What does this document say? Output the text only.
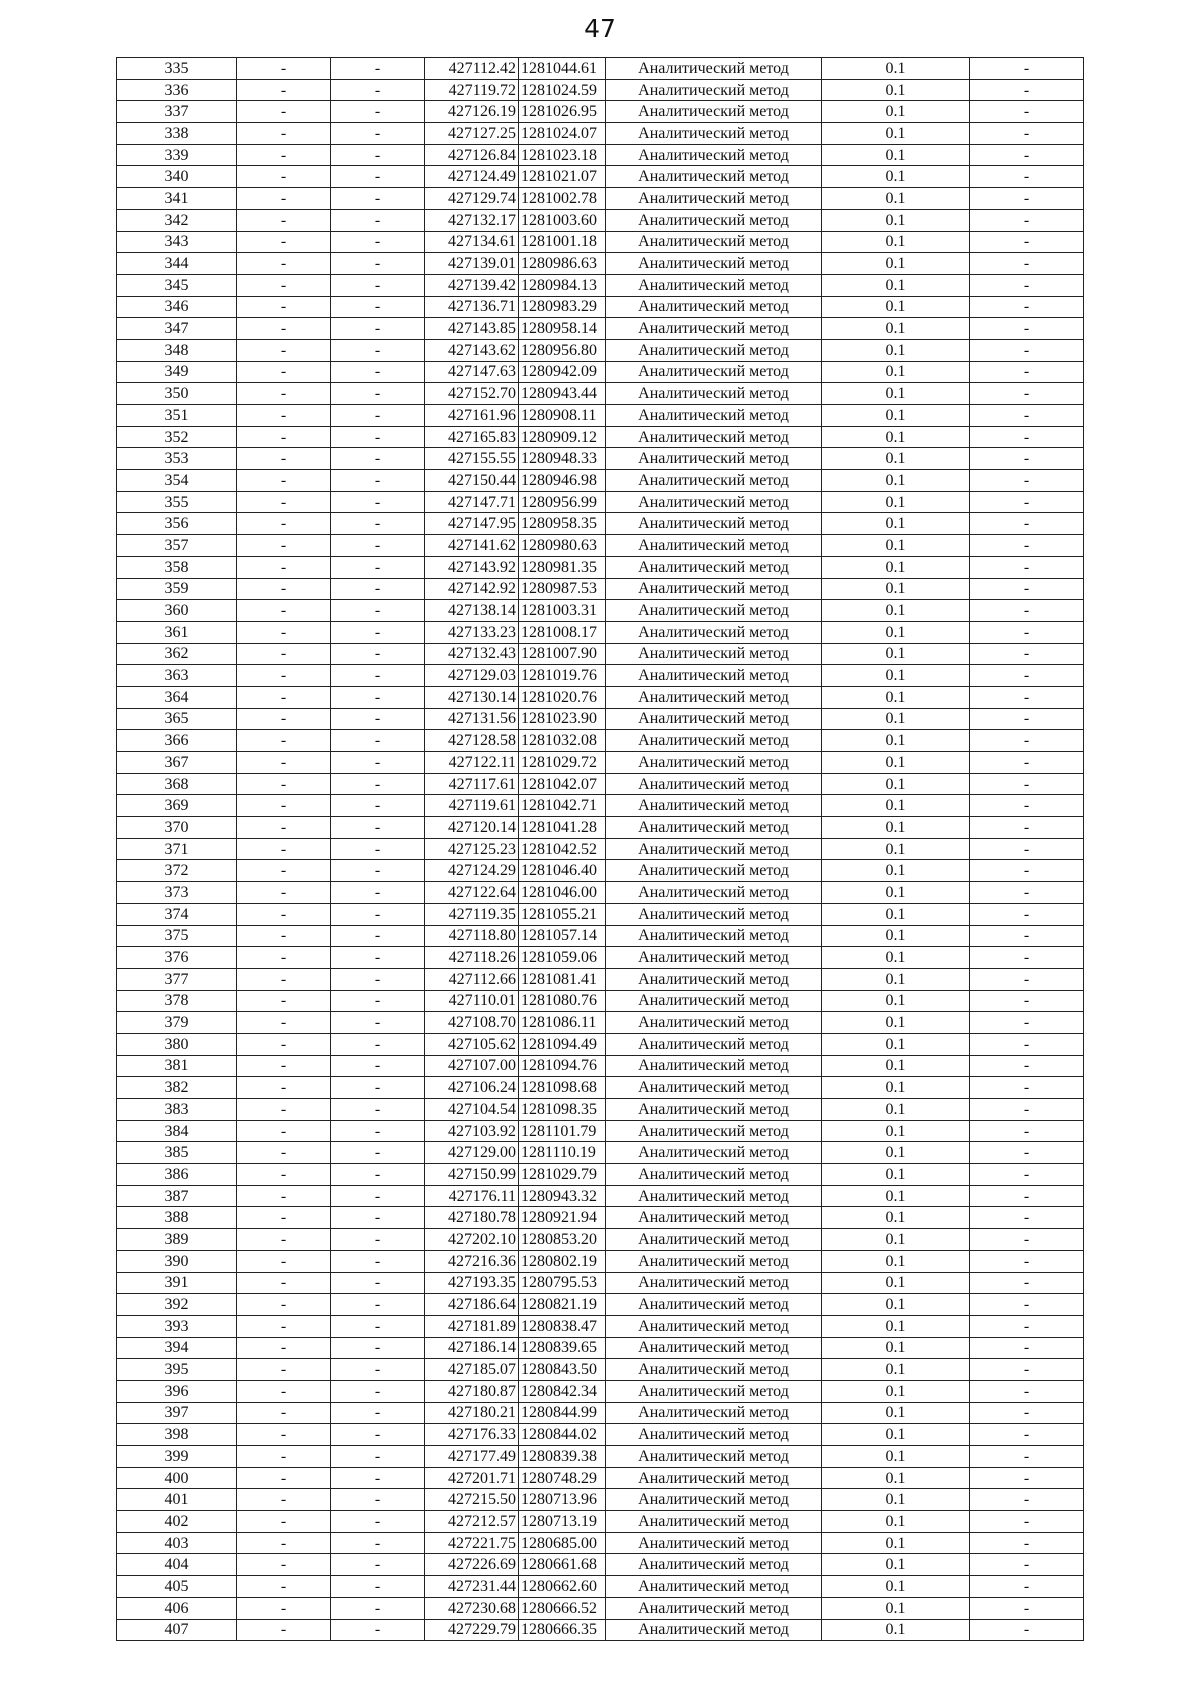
47
335	-	-	427112.42	1281044.61	Аналитический метод	0.1	-
336	-	-	427119.72	1281024.59	Аналитический метод	0.1	-
337	-	-	427126.19	1281026.95	Аналитический метод	0.1	-
338	-	-	427127.25	1281024.07	Аналитический метод	0.1	-
339	-	-	427126.84	1281023.18	Аналитический метод	0.1	-
340	-	-	427124.49	1281021.07	Аналитический метод	0.1	-
341	-	-	427129.74	1281002.78	Аналитический метод	0.1	-
342	-	-	427132.17	1281003.60	Аналитический метод	0.1	-
343	-	-	427134.61	1281001.18	Аналитический метод	0.1	-
344	-	-	427139.01	1280986.63	Аналитический метод	0.1	-
345	-	-	427139.42	1280984.13	Аналитический метод	0.1	-
346	-	-	427136.71	1280983.29	Аналитический метод	0.1	-
347	-	-	427143.85	1280958.14	Аналитический метод	0.1	-
348	-	-	427143.62	1280956.80	Аналитический метод	0.1	-
349	-	-	427147.63	1280942.09	Аналитический метод	0.1	-
350	-	-	427152.70	1280943.44	Аналитический метод	0.1	-
351	-	-	427161.96	1280908.11	Аналитический метод	0.1	-
352	-	-	427165.83	1280909.12	Аналитический метод	0.1	-
353	-	-	427155.55	1280948.33	Аналитический метод	0.1	-
354	-	-	427150.44	1280946.98	Аналитический метод	0.1	-
355	-	-	427147.71	1280956.99	Аналитический метод	0.1	-
356	-	-	427147.95	1280958.35	Аналитический метод	0.1	-
357	-	-	427141.62	1280980.63	Аналитический метод	0.1	-
358	-	-	427143.92	1280981.35	Аналитический метод	0.1	-
359	-	-	427142.92	1280987.53	Аналитический метод	0.1	-
360	-	-	427138.14	1281003.31	Аналитический метод	0.1	-
361	-	-	427133.23	1281008.17	Аналитический метод	0.1	-
362	-	-	427132.43	1281007.90	Аналитический метод	0.1	-
363	-	-	427129.03	1281019.76	Аналитический метод	0.1	-
364	-	-	427130.14	1281020.76	Аналитический метод	0.1	-
365	-	-	427131.56	1281023.90	Аналитический метод	0.1	-
366	-	-	427128.58	1281032.08	Аналитический метод	0.1	-
367	-	-	427122.11	1281029.72	Аналитический метод	0.1	-
368	-	-	427117.61	1281042.07	Аналитический метод	0.1	-
369	-	-	427119.61	1281042.71	Аналитический метод	0.1	-
370	-	-	427120.14	1281041.28	Аналитический метод	0.1	-
371	-	-	427125.23	1281042.52	Аналитический метод	0.1	-
372	-	-	427124.29	1281046.40	Аналитический метод	0.1	-
373	-	-	427122.64	1281046.00	Аналитический метод	0.1	-
374	-	-	427119.35	1281055.21	Аналитический метод	0.1	-
375	-	-	427118.80	1281057.14	Аналитический метод	0.1	-
376	-	-	427118.26	1281059.06	Аналитический метод	0.1	-
377	-	-	427112.66	1281081.41	Аналитический метод	0.1	-
378	-	-	427110.01	1281080.76	Аналитический метод	0.1	-
379	-	-	427108.70	1281086.11	Аналитический метод	0.1	-
380	-	-	427105.62	1281094.49	Аналитический метод	0.1	-
381	-	-	427107.00	1281094.76	Аналитический метод	0.1	-
382	-	-	427106.24	1281098.68	Аналитический метод	0.1	-
383	-	-	427104.54	1281098.35	Аналитический метод	0.1	-
384	-	-	427103.92	1281101.79	Аналитический метод	0.1	-
385	-	-	427129.00	1281110.19	Аналитический метод	0.1	-
386	-	-	427150.99	1281029.79	Аналитический метод	0.1	-
387	-	-	427176.11	1280943.32	Аналитический метод	0.1	-
388	-	-	427180.78	1280921.94	Аналитический метод	0.1	-
389	-	-	427202.10	1280853.20	Аналитический метод	0.1	-
390	-	-	427216.36	1280802.19	Аналитический метод	0.1	-
391	-	-	427193.35	1280795.53	Аналитический метод	0.1	-
392	-	-	427186.64	1280821.19	Аналитический метод	0.1	-
393	-	-	427181.89	1280838.47	Аналитический метод	0.1	-
394	-	-	427186.14	1280839.65	Аналитический метод	0.1	-
395	-	-	427185.07	1280843.50	Аналитический метод	0.1	-
396	-	-	427180.87	1280842.34	Аналитический метод	0.1	-
397	-	-	427180.21	1280844.99	Аналитический метод	0.1	-
398	-	-	427176.33	1280844.02	Аналитический метод	0.1	-
399	-	-	427177.49	1280839.38	Аналитический метод	0.1	-
400	-	-	427201.71	1280748.29	Аналитический метод	0.1	-
401	-	-	427215.50	1280713.96	Аналитический метод	0.1	-
402	-	-	427212.57	1280713.19	Аналитический метод	0.1	-
403	-	-	427221.75	1280685.00	Аналитический метод	0.1	-
404	-	-	427226.69	1280661.68	Аналитический метод	0.1	-
405	-	-	427231.44	1280662.60	Аналитический метод	0.1	-
406	-	-	427230.68	1280666.52	Аналитический метод	0.1	-
407	-	-	427229.79	1280666.35	Аналитический метод	0.1	-
